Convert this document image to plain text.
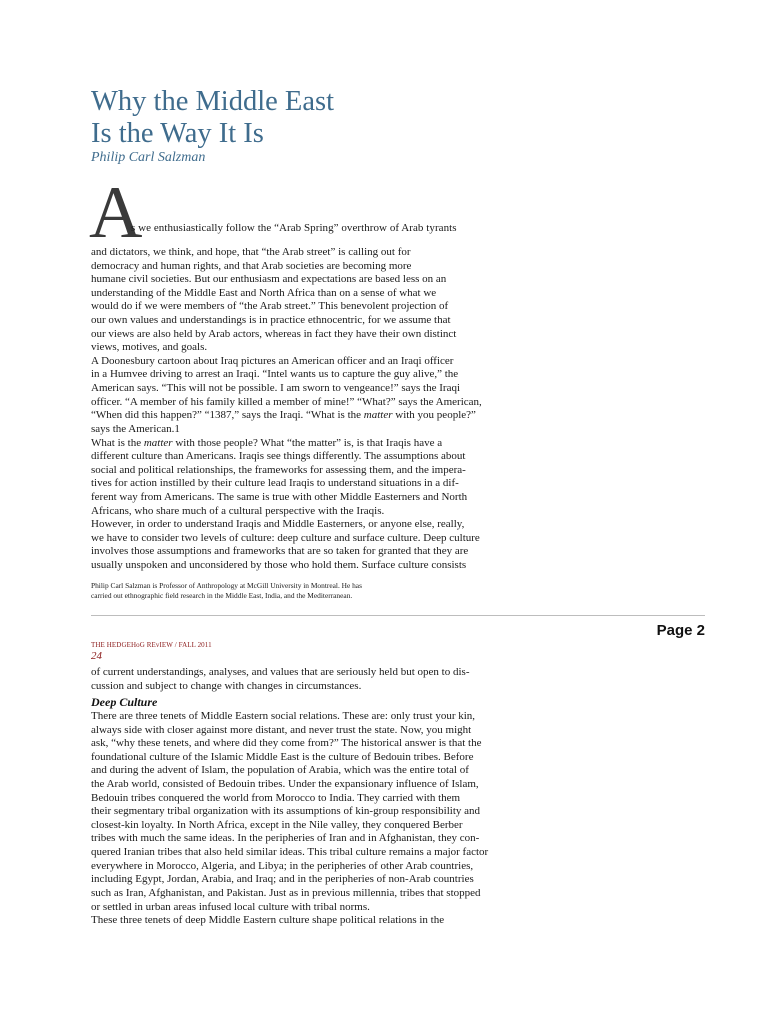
Why the Middle East
Is the Way It Is
Philip Carl Salzman
A
s we enthusiastically follow the “Arab Spring” overthrow of Arab tyrants
and dictators, we think, and hope, that “the Arab street” is calling out for
democracy and human rights, and that Arab societies are becoming more
humane civil societies. But our enthusiasm and expectations are based less on an
understanding of the Middle East and North Africa than on a sense of what we
would do if we were members of “the Arab street.” This benevolent projection of
our own values and understandings is in practice ethnocentric, for we assume that
our views are also held by Arab actors, whereas in fact they have their own distinct
views, motives, and goals.
A Doonesbury cartoon about Iraq pictures an American officer and an Iraqi officer
in a Humvee driving to arrest an Iraqi. “Intel wants us to capture the guy alive,” the
American says. “This will not be possible. I am sworn to vengeance!” says the Iraqi
officer. “A member of his family killed a member of mine!” “What?” says the American,
“When did this happen?” “1387,” says the Iraqi. “What is the matter with you people?”
says the American.1
What is the matter with those people? What “the matter” is, is that Iraqis have a
different culture than Americans. Iraqis see things differently. The assumptions about
social and political relationships, the frameworks for assessing them, and the impera-
tives for action instilled by their culture lead Iraqis to understand situations in a dif-
ferent way from Americans. The same is true with other Middle Easterners and North
Africans, who share much of a cultural perspective with the Iraqis.
However, in order to understand Iraqis and Middle Easterners, or anyone else, really,
we have to consider two levels of culture: deep culture and surface culture. Deep culture
involves those assumptions and frameworks that are so taken for granted that they are
usually unspoken and unconsidered by those who hold them. Surface culture consists
Philip Carl Salzman is Professor of Anthropology at McGill University in Montreal. He has
carried out ethnographic field research in the Middle East, India, and the Mediterranean.
Page 2
THE HEDGEHoG REvIEW / FALL 2011
24
of current understandings, analyses, and values that are seriously held but open to dis-
cussion and subject to change with changes in circumstances.
Deep Culture
There are three tenets of Middle Eastern social relations. These are: only trust your kin,
always side with closer against more distant, and never trust the state. Now, you might
ask, “why these tenets, and where did they come from?” The historical answer is that the
foundational culture of the Islamic Middle East is the culture of Bedouin tribes. Before
and during the advent of Islam, the population of Arabia, which was the entire total of
the Arab world, consisted of Bedouin tribes. Under the expansionary influence of Islam,
Bedouin tribes conquered the world from Morocco to India. They carried with them
their segmentary tribal organization with its assumptions of kin-group responsibility and
closest-kin loyalty. In North Africa, except in the Nile valley, they conquered Berber
tribes with much the same ideas. In the peripheries of Iran and in Afghanistan, they con-
quered Iranian tribes that also held similar ideas. This tribal culture remains a major factor
everywhere in Morocco, Algeria, and Libya; in the peripheries of other Arab countries,
including Egypt, Jordan, Arabia, and Iraq; and in the peripheries of non-Arab countries
such as Iran, Afghanistan, and Pakistan. Just as in previous millennia, tribes that stopped
or settled in urban areas infused local culture with tribal norms.
These three tenets of deep Middle Eastern culture shape political relations in the
